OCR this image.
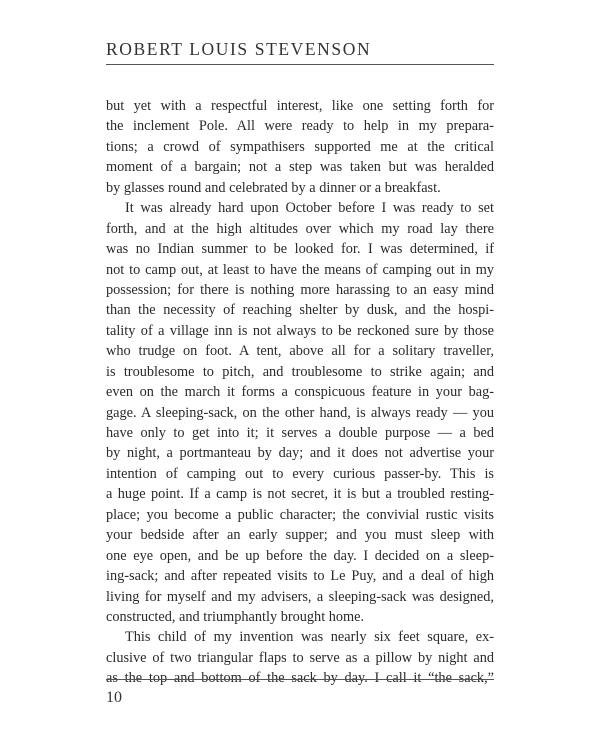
ROBERT LOUIS STEVENSON
but yet with a respectful interest, like one setting forth for
the inclement Pole. All were ready to help in my prepara-
tions; a crowd of sympathisers supported me at the critical
moment of a bargain; not a step was taken but was heralded
by glasses round and celebrated by a dinner or a breakfast.
It was already hard upon October before I was ready to set
forth, and at the high altitudes over which my road lay there
was no Indian summer to be looked for. I was determined, if
not to camp out, at least to have the means of camping out in my
possession; for there is nothing more harassing to an easy mind
than the necessity of reaching shelter by dusk, and the hospi-
tality of a village inn is not always to be reckoned sure by those
who trudge on foot. A tent, above all for a solitary traveller,
is troublesome to pitch, and troublesome to strike again; and
even on the march it forms a conspicuous feature in your bag-
gage. A sleeping-sack, on the other hand, is always ready — you
have only to get into it; it serves a double purpose — a bed
by night, a portmanteau by day; and it does not advertise your
intention of camping out to every curious passer-by. This is
a huge point. If a camp is not secret, it is but a troubled resting-
place; you become a public character; the convivial rustic visits
your bedside after an early supper; and you must sleep with
one eye open, and be up before the day. I decided on a sleep-
ing-sack; and after repeated visits to Le Puy, and a deal of high
living for myself and my advisers, a sleeping-sack was designed,
constructed, and triumphantly brought home.
This child of my invention was nearly six feet square, ex-
clusive of two triangular flaps to serve as a pillow by night and
as the top and bottom of the sack by day. I call it “the sack,”
10
